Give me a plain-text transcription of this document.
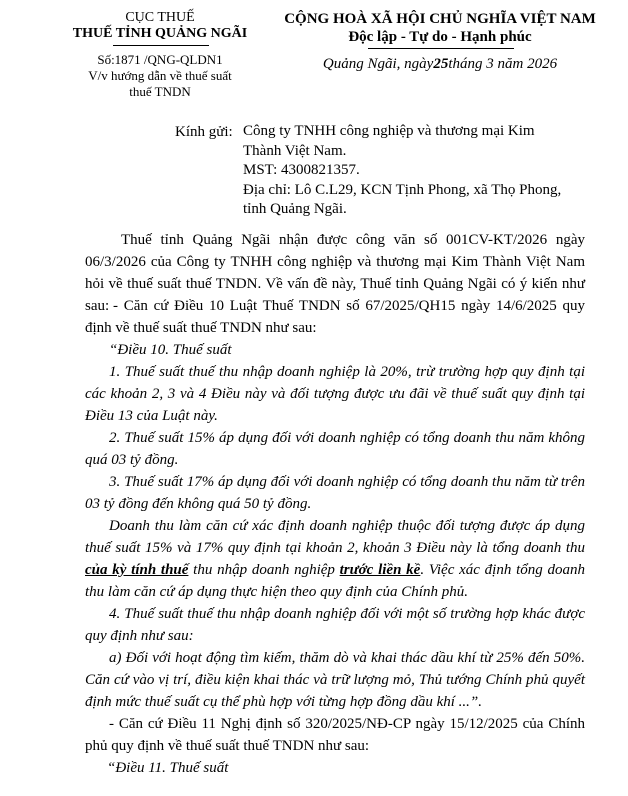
CỤC THUẾ
THUẾ TỈNH QUẢNG NGÃI
Số:1871 /QNG-QLDN1
V/v hướng dẫn về thuế suất
thuế TNDN
CỘNG HOÀ XÃ HỘI CHỦ NGHĨA VIỆT NAM
Độc lập - Tự do - Hạnh phúc
Quảng Ngãi, ngày25tháng 3 năm 2026
Kính gửi: Công ty TNHH công nghiệp và thương mại Kim
Thành Việt Nam.
MST: 4300821357.
Địa chỉ: Lô C.L29, KCN Tịnh Phong, xã Thọ Phong,
tỉnh Quảng Ngãi.
Thuế tỉnh Quảng Ngãi nhận được công văn số 001CV-KT/2026 ngày 06/3/2026 của Công ty TNHH công nghiệp và thương mại Kim Thành Việt Nam hỏi về thuế suất thuế TNDN. Về vấn đề này, Thuế tỉnh Quảng Ngãi có ý kiến như sau: - Căn cứ Điều 10 Luật Thuế TNDN số 67/2025/QH15 ngày 14/6/2025 quy định về thuế suất thuế TNDN như sau:
“Điều 10. Thuế suất
1. Thuế suất thuế thu nhập doanh nghiệp là 20%, trừ trường hợp quy định tại các khoản 2, 3 và 4 Điều này và đối tượng được ưu đãi về thuế suất quy định tại Điều 13 của Luật này.
2. Thuế suất 15% áp dụng đối với doanh nghiệp có tổng doanh thu năm không quá 03 tỷ đồng.
3. Thuế suất 17% áp dụng đối với doanh nghiệp có tổng doanh thu năm từ trên 03 tỷ đồng đến không quá 50 tỷ đồng.
Doanh thu làm căn cứ xác định doanh nghiệp thuộc đối tượng được áp dụng thuế suất 15% và 17% quy định tại khoản 2, khoản 3 Điều này là tổng doanh thu của kỳ tính thuế thu nhập doanh nghiệp trước liền kề. Việc xác định tổng doanh thu làm căn cứ áp dụng thực hiện theo quy định của Chính phủ.
4. Thuế suất thuế thu nhập doanh nghiệp đối với một số trường hợp khác được quy định như sau:
a) Đối với hoạt động tìm kiếm, thăm dò và khai thác dầu khí từ 25% đến 50%. Căn cứ vào vị trí, điều kiện khai thác và trữ lượng mỏ, Thủ tướng Chính phủ quyết định mức thuế suất cụ thể phù hợp với từng hợp đồng dầu khí ...”.
- Căn cứ Điều 11 Nghị định số 320/2025/NĐ-CP ngày 15/12/2025 của Chính phủ quy định về thuế suất thuế TNDN như sau:
“Điều 11. Thuế suất
